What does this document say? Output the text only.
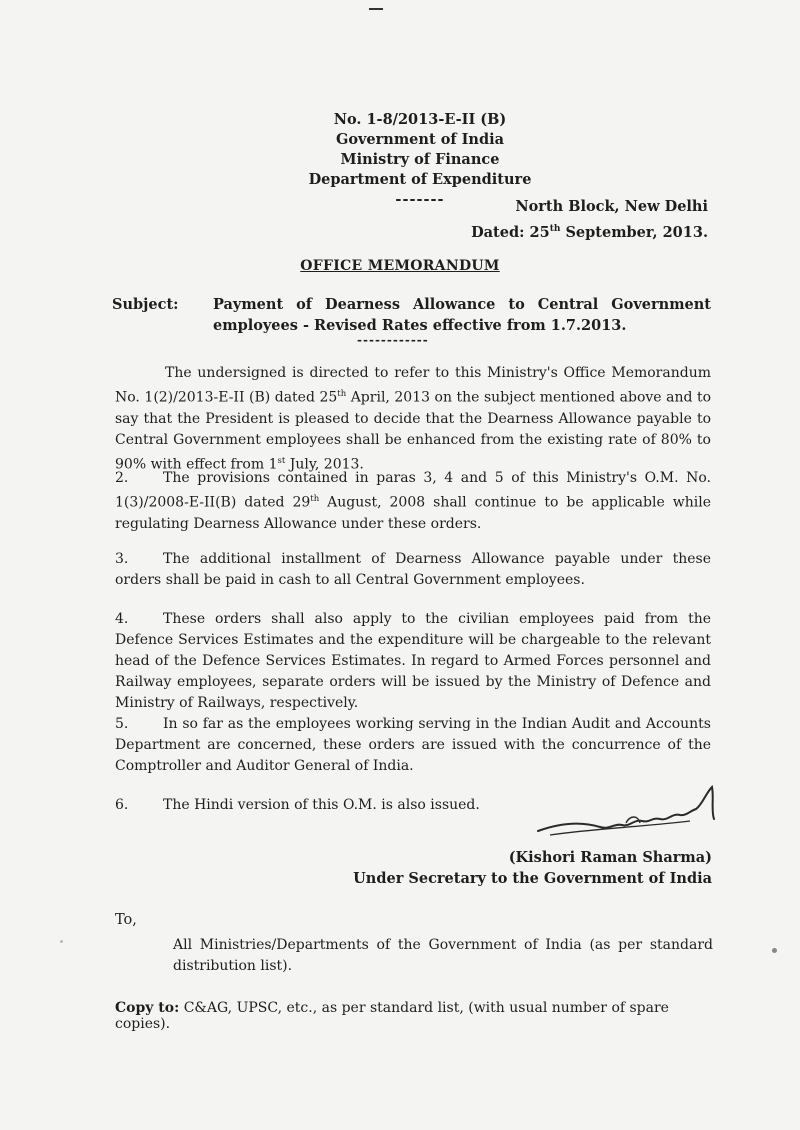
No. 1-8/2013-E-II (B)
Government of India
Ministry of Finance
Department of Expenditure
-------	North Block, New Delhi
Dated: 25th September, 2013.
OFFICE MEMORANDUM
Subject: Payment of Dearness Allowance to Central Government employees - Revised Rates effective from 1.7.2013.
------------
The undersigned is directed to refer to this Ministry's Office Memorandum No. 1(2)/2013-E-II (B) dated 25th April, 2013 on the subject mentioned above and to say that the President is pleased to decide that the Dearness Allowance payable to Central Government employees shall be enhanced from the existing rate of 80% to 90% with effect from 1st July, 2013.
2. The provisions contained in paras 3, 4 and 5 of this Ministry's O.M. No. 1(3)/2008-E-II(B) dated 29th August, 2008 shall continue to be applicable while regulating Dearness Allowance under these orders.
3. The additional installment of Dearness Allowance payable under these orders shall be paid in cash to all Central Government employees.
4. These orders shall also apply to the civilian employees paid from the Defence Services Estimates and the expenditure will be chargeable to the relevant head of the Defence Services Estimates. In regard to Armed Forces personnel and Railway employees, separate orders will be issued by the Ministry of Defence and Ministry of Railways, respectively.
5. In so far as the employees working serving in the Indian Audit and Accounts Department are concerned, these orders are issued with the concurrence of the Comptroller and Auditor General of India.
6. The Hindi version of this O.M. is also issued.
(Kishori Raman Sharma)
Under Secretary to the Government of India
To,
All Ministries/Departments of the Government of India (as per standard distribution list).
Copy to: C&AG, UPSC, etc., as per standard list, (with usual number of spare copies).
